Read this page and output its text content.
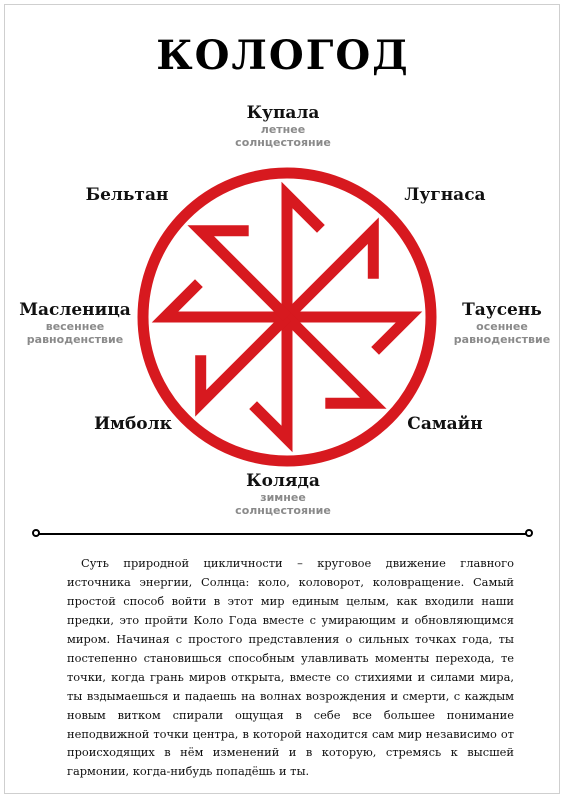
КОЛОГОД
Купала
летнее
солнцестояние
Лугнаса
Таусень
осеннее
равноденствие
Самайн
Коляда
зимнее
солнцестояние
Имболк
Масленица
весеннее
равноденствие
Бельтан

Суть природной цикличности – круговое движение главного источника энергии, Солнца: коло, коловорот, коловращение. Самый простой способ войти в этот мир единым целым, как входили наши предки, это пройти Коло Года вместе с умирающим и обновляющимся миром. Начиная с простого представления о сильных точках года, ты постепенно становишься способным улавливать моменты перехода, те точки, когда грань миров открыта, вместе со стихиями и силами мира, ты вздымаешься и падаешь на волнах возрождения и смерти, с каждым новым витком спирали ощущая в себе все большее понимание неподвижной точки центра, в которой находится сам мир независимо от происходящих в нём изменений и в которую, стремясь к высшей гармонии, когда-нибудь попадёшь и ты.
